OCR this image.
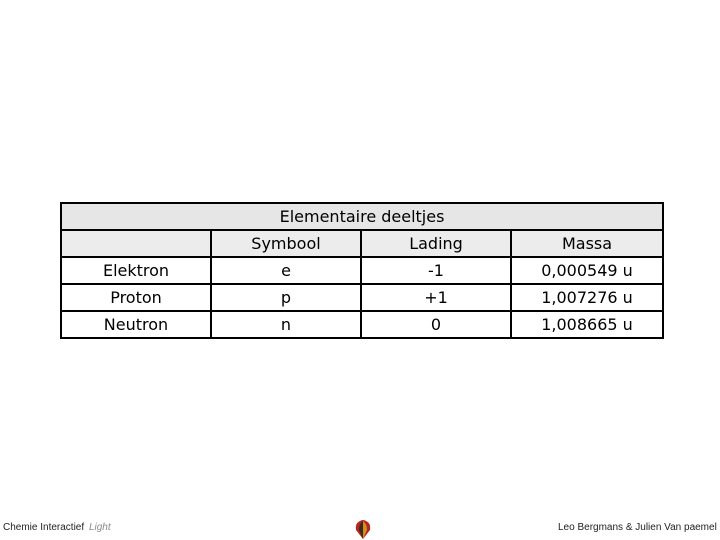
Elementaire deeltjes			
	Symbool	Lading	Massa
Elektron	e	-1	0,000549 u
Proton	p	+1	1,007276 u
Neutron	n	0	1,008665 u
Chemie Interactief Light	Leo Bergmans & Julien Van paemel
